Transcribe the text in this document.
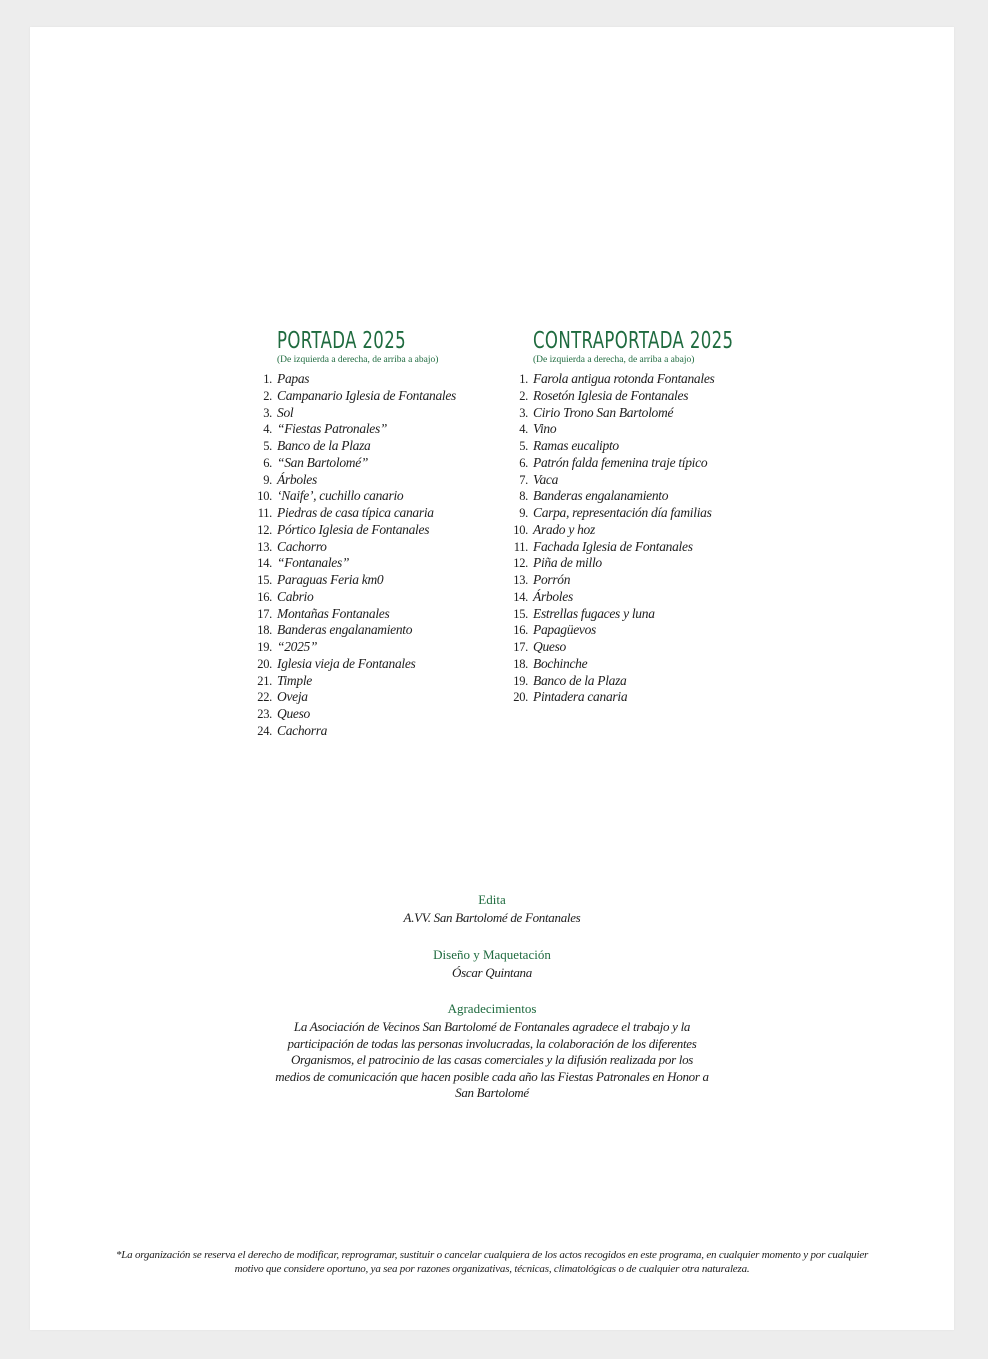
PORTADA 2025
(De izquierda a derecha, de arriba a abajo)
1. Papas
2. Campanario Iglesia de Fontanales
3. Sol
4. “Fiestas Patronales”
5. Banco de la Plaza
6. “San Bartolomé”
9. Árboles
10. ‘Naife’, cuchillo canario
11. Piedras de casa típica canaria
12. Pórtico Iglesia de Fontanales
13. Cachorro
14. “Fontanales”
15. Paraguas Feria km0
16. Cabrio
17. Montañas Fontanales
18. Banderas engalanamiento
19. “2025”
20. Iglesia vieja de Fontanales
21. Timple
22. Oveja
23. Queso
24. Cachorra
CONTRAPORTADA 2025
(De izquierda a derecha, de arriba a abajo)
1. Farola antigua rotonda Fontanales
2. Rosetón Iglesia de Fontanales
3. Cirio Trono San Bartolomé
4. Vino
5. Ramas eucalipto
6. Patrón falda femenina traje típico
7. Vaca
8. Banderas engalanamiento
9. Carpa, representación día familias
10. Arado y hoz
11. Fachada Iglesia de Fontanales
12. Piña de millo
13. Porrón
14. Árboles
15. Estrellas fugaces y luna
16. Papagüevos
17. Queso
18. Bochinche
19. Banco de la Plaza
20. Pintadera canaria

Edita

A.VV. San Bartolomé de Fontanales

Diseño y Maquetación

Óscar Quintana

Agradecimientos

La Asociación de Vecinos San Bartolomé de Fontanales agradece el trabajo y la participación de todas las personas involucradas, la colaboración de los diferentes Organismos, el patrocinio de las casas comerciales y la difusión realizada por los medios de comunicación que hacen posible cada año las Fiestas Patronales en Honor a San Bartolomé

*La organización se reserva el derecho de modificar, reprogramar, sustituir o cancelar cualquiera de los actos recogidos en este programa, en cualquier momento y por cualquier motivo que considere oportuno, ya sea por razones organizativas, técnicas, climatológicas o de cualquier otra naturaleza.
